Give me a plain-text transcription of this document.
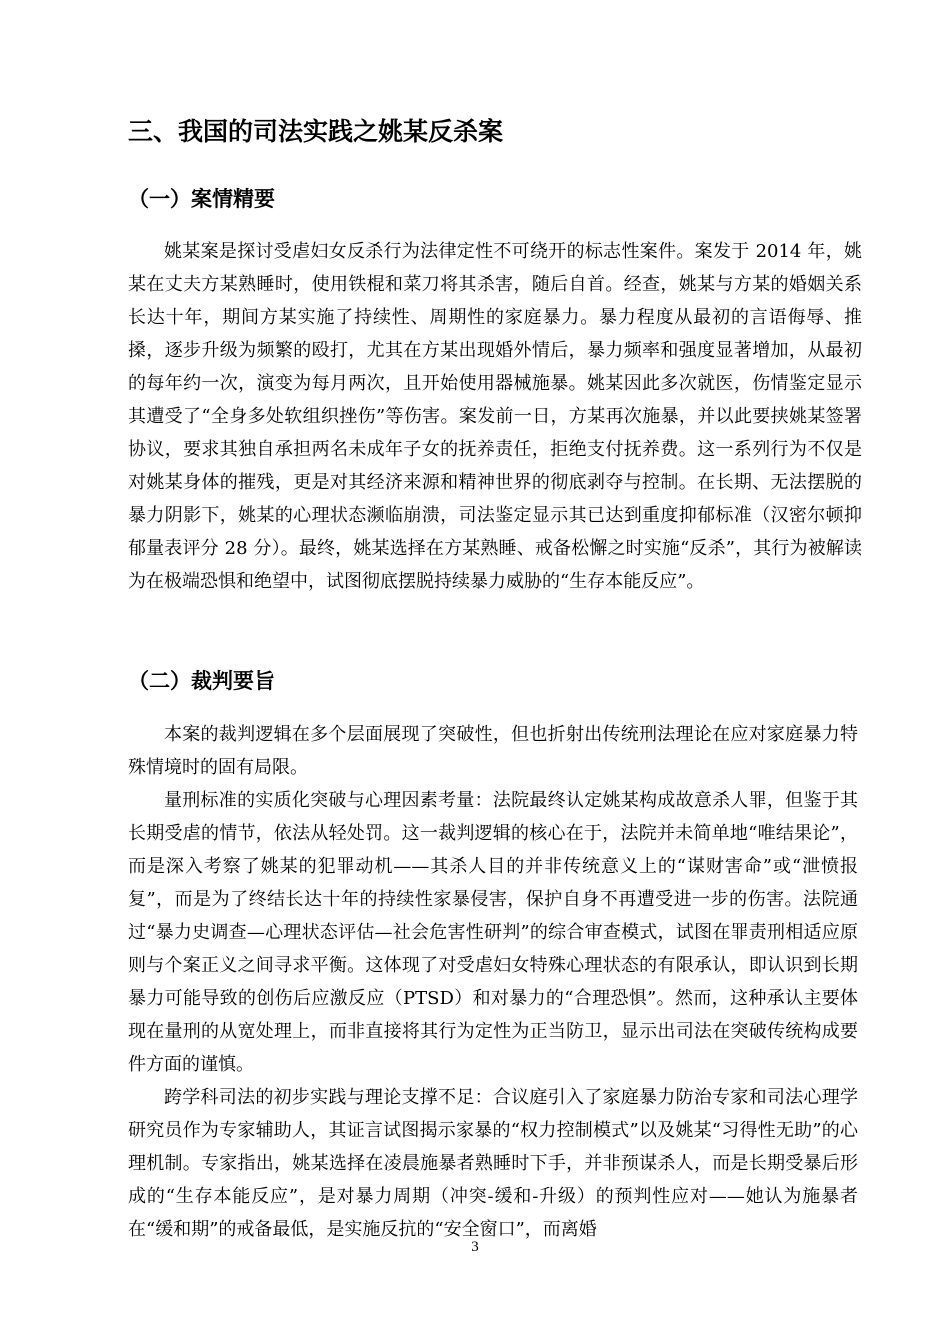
三、我国的司法实践之姚某反杀案
（一）案情精要

姚某案是探讨受虐妇女反杀行为法律定性不可绕开的标志性案件。案发于 2014 年，姚某在丈夫方某熟睡时，使用铁棍和菜刀将其杀害，随后自首。经查，姚某与方某的婚姻关系长达十年，期间方某实施了持续性、周期性的家庭暴力。暴力程度从最初的言语侮辱、推搡，逐步升级为频繁的殴打，尤其在方某出现婚外情后，暴力频率和强度显著增加，从最初的每年约一次，演变为每月两次，且开始使用器械施暴。姚某因此多次就医，伤情鉴定显示其遭受了“全身多处软组织挫伤”等伤害。案发前一日，方某再次施暴，并以此要挟姚某签署协议，要求其独自承担两名未成年子女的抚养责任，拒绝支付抚养费。这一系列行为不仅是对姚某身体的摧残，更是对其经济来源和精神世界的彻底剥夺与控制。在长期、无法摆脱的暴力阴影下，姚某的心理状态濒临崩溃，司法鉴定显示其已达到重度抑郁标准（汉密尔顿抑郁量表评分 28 分）。最终，姚某选择在方某熟睡、戒备松懈之时实施“反杀”，其行为被解读为在极端恐惧和绝望中，试图彻底摆脱持续暴力威胁的“生存本能反应”。

（二）裁判要旨

本案的裁判逻辑在多个层面展现了突破性，但也折射出传统刑法理论在应对家庭暴力特殊情境时的固有局限。

量刑标准的实质化突破与心理因素考量：法院最终认定姚某构成故意杀人罪，但鉴于其长期受虐的情节，依法从轻处罚。这一裁判逻辑的核心在于，法院并未简单地“唯结果论”，而是深入考察了姚某的犯罪动机——其杀人目的并非传统意义上的“谋财害命”或“泄愤报复”，而是为了终结长达十年的持续性家暴侵害，保护自身不再遭受进一步的伤害。法院通过“暴力史调查—心理状态评估—社会危害性研判”的综合审查模式，试图在罪责刑相适应原则与个案正义之间寻求平衡。这体现了对受虐妇女特殊心理状态的有限承认，即认识到长期暴力可能导致的创伤后应激反应（PTSD）和对暴力的“合理恐惧”。然而，这种承认主要体现在量刑的从宽处理上，而非直接将其行为定性为正当防卫，显示出司法在突破传统构成要件方面的谨慎。

跨学科司法的初步实践与理论支撑不足：合议庭引入了家庭暴力防治专家和司法心理学研究员作为专家辅助人，其证言试图揭示家暴的“权力控制模式”以及姚某“习得性无助”的心理机制。专家指出，姚某选择在凌晨施暴者熟睡时下手，并非预谋杀人，而是长期受暴后形成的“生存本能反应”，是对暴力周期（冲突-缓和-升级）的预判性应对——她认为施暴者在“缓和期”的戒备最低，是实施反抗的“安全窗口”，而离婚

3
